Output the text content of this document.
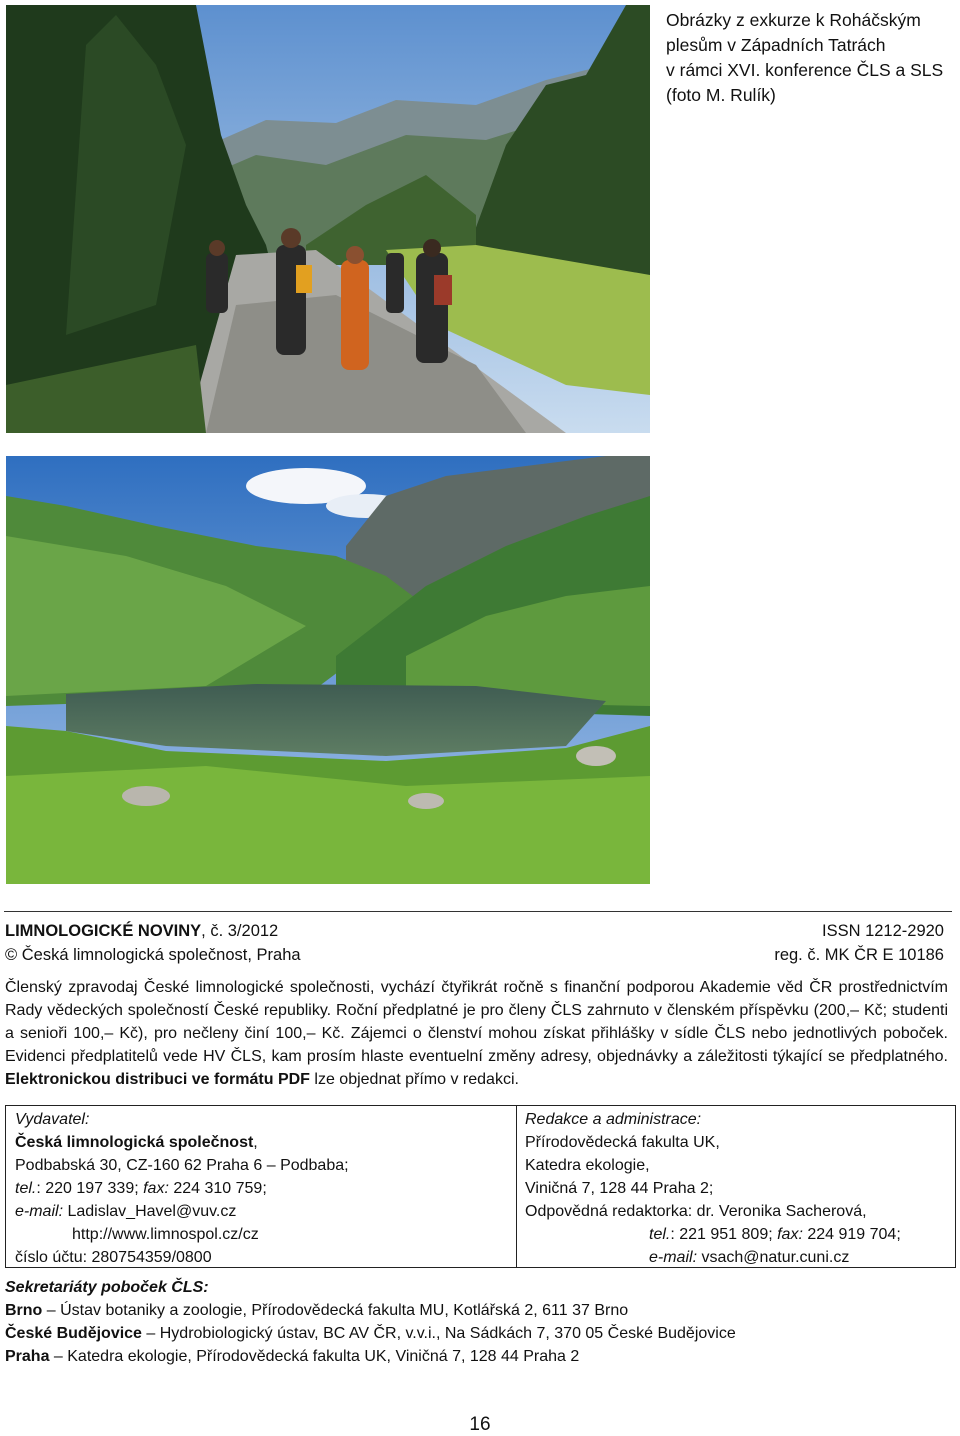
Obrázky z exkurze k Roháčským
plesům v Západních Tatrách
v rámci XVI. konference ČLS a SLS
(foto M. Rulík)
LIMNOLOGICKÉ NOVINY, č. 3/2012	ISSN 1212-2920
© Česká limnologická společnost, Praha	reg. č. MK ČR E 10186
Členský zpravodaj České limnologické společnosti, vychází čtyřikrát ročně s finanční podporou Akademie věd ČR prostřednictvím Rady vědeckých společností České republiky. Roční předplatné je pro členy ČLS zahrnuto v členském příspěvku (200,– Kč; studenti a senioři 100,– Kč), pro nečleny činí 100,– Kč. Zájemci o členství mohou získat přihlášky v sídle ČLS nebo jednotlivých poboček. Evidenci předplatitelů vede HV ČLS, kam prosím hlaste eventuelní změny adresy, objednávky a záležitosti týkající se předplatného. Elektronickou distribuci ve formátu PDF lze objednat přímo v redakci.
Vydavatel:
Česká limnologická společnost,
Podbabská 30, CZ-160 62 Praha 6 – Podbaba;
tel.: 220 197 339; fax: 224 310 759;
e-mail: Ladislav_Havel@vuv.cz
http://www.limnospol.cz/cz
číslo účtu: 280754359/0800
Redakce a administrace:
Přírodovědecká fakulta UK,
Katedra ekologie,
Viničná 7, 128 44 Praha 2;
Odpovědná redaktorka: dr. Veronika Sacherová,
tel.: 221 951 809; fax: 224 919 704;
e-mail: vsach@natur.cuni.cz
Sekretariáty poboček ČLS:
Brno – Ústav botaniky a zoologie, Přírodovědecká fakulta MU, Kotlářská 2, 611 37 Brno
České Budějovice – Hydrobiologický ústav, BC AV ČR, v.v.i., Na Sádkách 7, 370 05 České Budějovice
Praha – Katedra ekologie, Přírodovědecká fakulta UK, Viničná 7, 128 44 Praha 2
16
